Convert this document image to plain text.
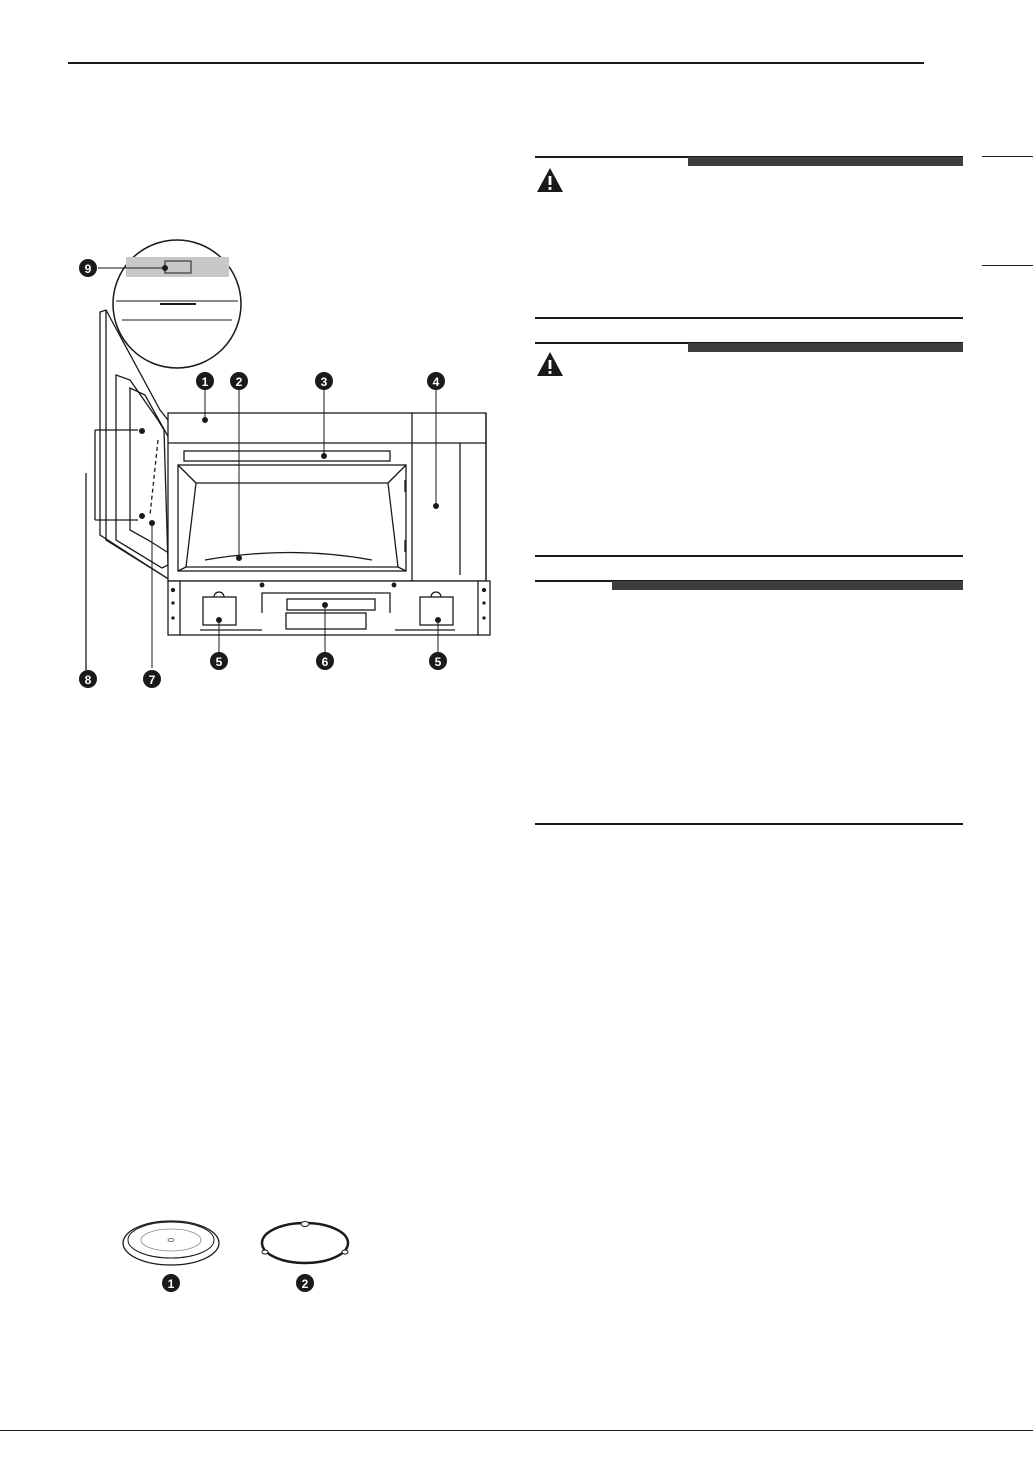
1 2	3	4
5	6	5
7
8
9
1	2
